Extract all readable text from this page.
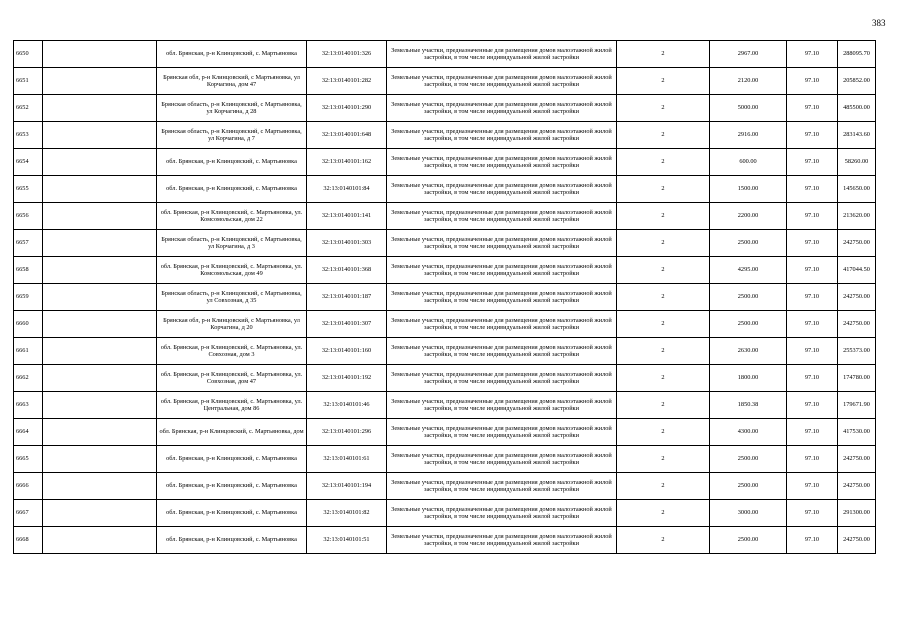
383
6650		обл. Брянская, р-н Клинцовский, с. Мартьяновка	32:13:0140101:326	Земельные участки, предназначенные для размещения домов малоэтажной жилой застройки, в том числе индивидуальной жилой застройки	2	2967.00	97.10	288095.70
6651		Брянская обл, р-н Клинцовский, с Мартьяновка, ул Корчагина, дом 47	32:13:0140101:282	Земельные участки, предназначенные для размещения домов малоэтажной жилой застройки, в том числе индивидуальной жилой застройки	2	2120.00	97.10	205852.00
6652		Брянская область, р-н Клинцовский, с Мартьяновка, ул Корчагина, д 28	32:13:0140101:290	Земельные участки, предназначенные для размещения домов малоэтажной жилой застройки, в том числе индивидуальной жилой застройки	2	5000.00	97.10	485500.00
6653		Брянская область, р-н Клинцовский, с Мартьяновка, ул Корчагина, д 7	32:13:0140101:648	Земельные участки, предназначенные для размещения домов малоэтажной жилой застройки, в том числе индивидуальной жилой застройки	2	2916.00	97.10	283143.60
6654		обл. Брянская, р-н Клинцовский, с. Мартьяновка	32:13:0140101:162	Земельные участки, предназначенные для размещения домов малоэтажной жилой застройки, в том числе индивидуальной жилой застройки	2	600.00	97.10	58260.00
6655		обл. Брянская, р-н Клинцовский, с. Мартьяновка	32:13:0140101:84	Земельные участки, предназначенные для размещения домов малоэтажной жилой застройки, в том числе индивидуальной жилой застройки	2	1500.00	97.10	145650.00
6656		обл. Брянская, р-н Клинцовский, с. Мартьяновка, ул. Комсомольская, дом 22	32:13:0140101:141	Земельные участки, предназначенные для размещения домов малоэтажной жилой застройки, в том числе индивидуальной жилой застройки	2	2200.00	97.10	213620.00
6657		Брянская область, р-н Клинцовский, с Мартьяновка, ул Корчагина, д 3	32:13:0140101:303	Земельные участки, предназначенные для размещения домов малоэтажной жилой застройки, в том числе индивидуальной жилой застройки	2	2500.00	97.10	242750.00
6658		обл. Брянская, р-н Клинцовский, с. Мартьяновка, ул. Комсомольская, дом 49	32:13:0140101:368	Земельные участки, предназначенные для размещения домов малоэтажной жилой застройки, в том числе индивидуальной жилой застройки	2	4295.00	97.10	417044.50
6659		Брянская область, р-н Клинцовский, с Мартьяновка, ул Совхозная, д 35	32:13:0140101:187	Земельные участки, предназначенные для размещения домов малоэтажной жилой застройки, в том числе индивидуальной жилой застройки	2	2500.00	97.10	242750.00
6660		Брянская обл, р-н Клинцовский, с Мартьяновка, ул Корчагина, д 20	32:13:0140101:307	Земельные участки, предназначенные для размещения домов малоэтажной жилой застройки, в том числе индивидуальной жилой застройки	2	2500.00	97.10	242750.00
6661		обл. Брянская, р-н Клинцовский, с. Мартьяновка, ул. Совхозная, дом 3	32:13:0140101:160	Земельные участки, предназначенные для размещения домов малоэтажной жилой застройки, в том числе индивидуальной жилой застройки	2	2630.00	97.10	255373.00
6662		обл. Брянская, р-н Клинцовский, с. Мартьяновка, ул. Совхозная, дом 47	32:13:0140101:192	Земельные участки, предназначенные для размещения домов малоэтажной жилой застройки, в том числе индивидуальной жилой застройки	2	1800.00	97.10	174780.00
6663		обл. Брянская, р-н Клинцовский, с. Мартьяновка, ул. Центральная, дом 86	32:13:0140101:46	Земельные участки, предназначенные для размещения домов малоэтажной жилой застройки, в том числе индивидуальной жилой застройки	2	1850.38	97.10	179671.90
6664		обл. Брянская, р-н Клинцовский, с. Мартьяновка, дом	32:13:0140101:296	Земельные участки, предназначенные для размещения домов малоэтажной жилой застройки, в том числе индивидуальной жилой застройки	2	4300.00	97.10	417530.00
6665		обл. Брянская, р-н Клинцовский, с. Мартьяновка	32:13:0140101:61	Земельные участки, предназначенные для размещения домов малоэтажной жилой застройки, в том числе индивидуальной жилой застройки	2	2500.00	97.10	242750.00
6666		обл. Брянская, р-н Клинцовский, с. Мартьяновка	32:13:0140101:194	Земельные участки, предназначенные для размещения домов малоэтажной жилой застройки, в том числе индивидуальной жилой застройки	2	2500.00	97.10	242750.00
6667		обл. Брянская, р-н Клинцовский, с. Мартьяновка	32:13:0140101:82	Земельные участки, предназначенные для размещения домов малоэтажной жилой застройки, в том числе индивидуальной жилой застройки	2	3000.00	97.10	291300.00
6668		обл. Брянская, р-н Клинцовский, с. Мартьяновка	32:13:0140101:51	Земельные участки, предназначенные для размещения домов малоэтажной жилой застройки, в том числе индивидуальной жилой застройки	2	2500.00	97.10	242750.00
